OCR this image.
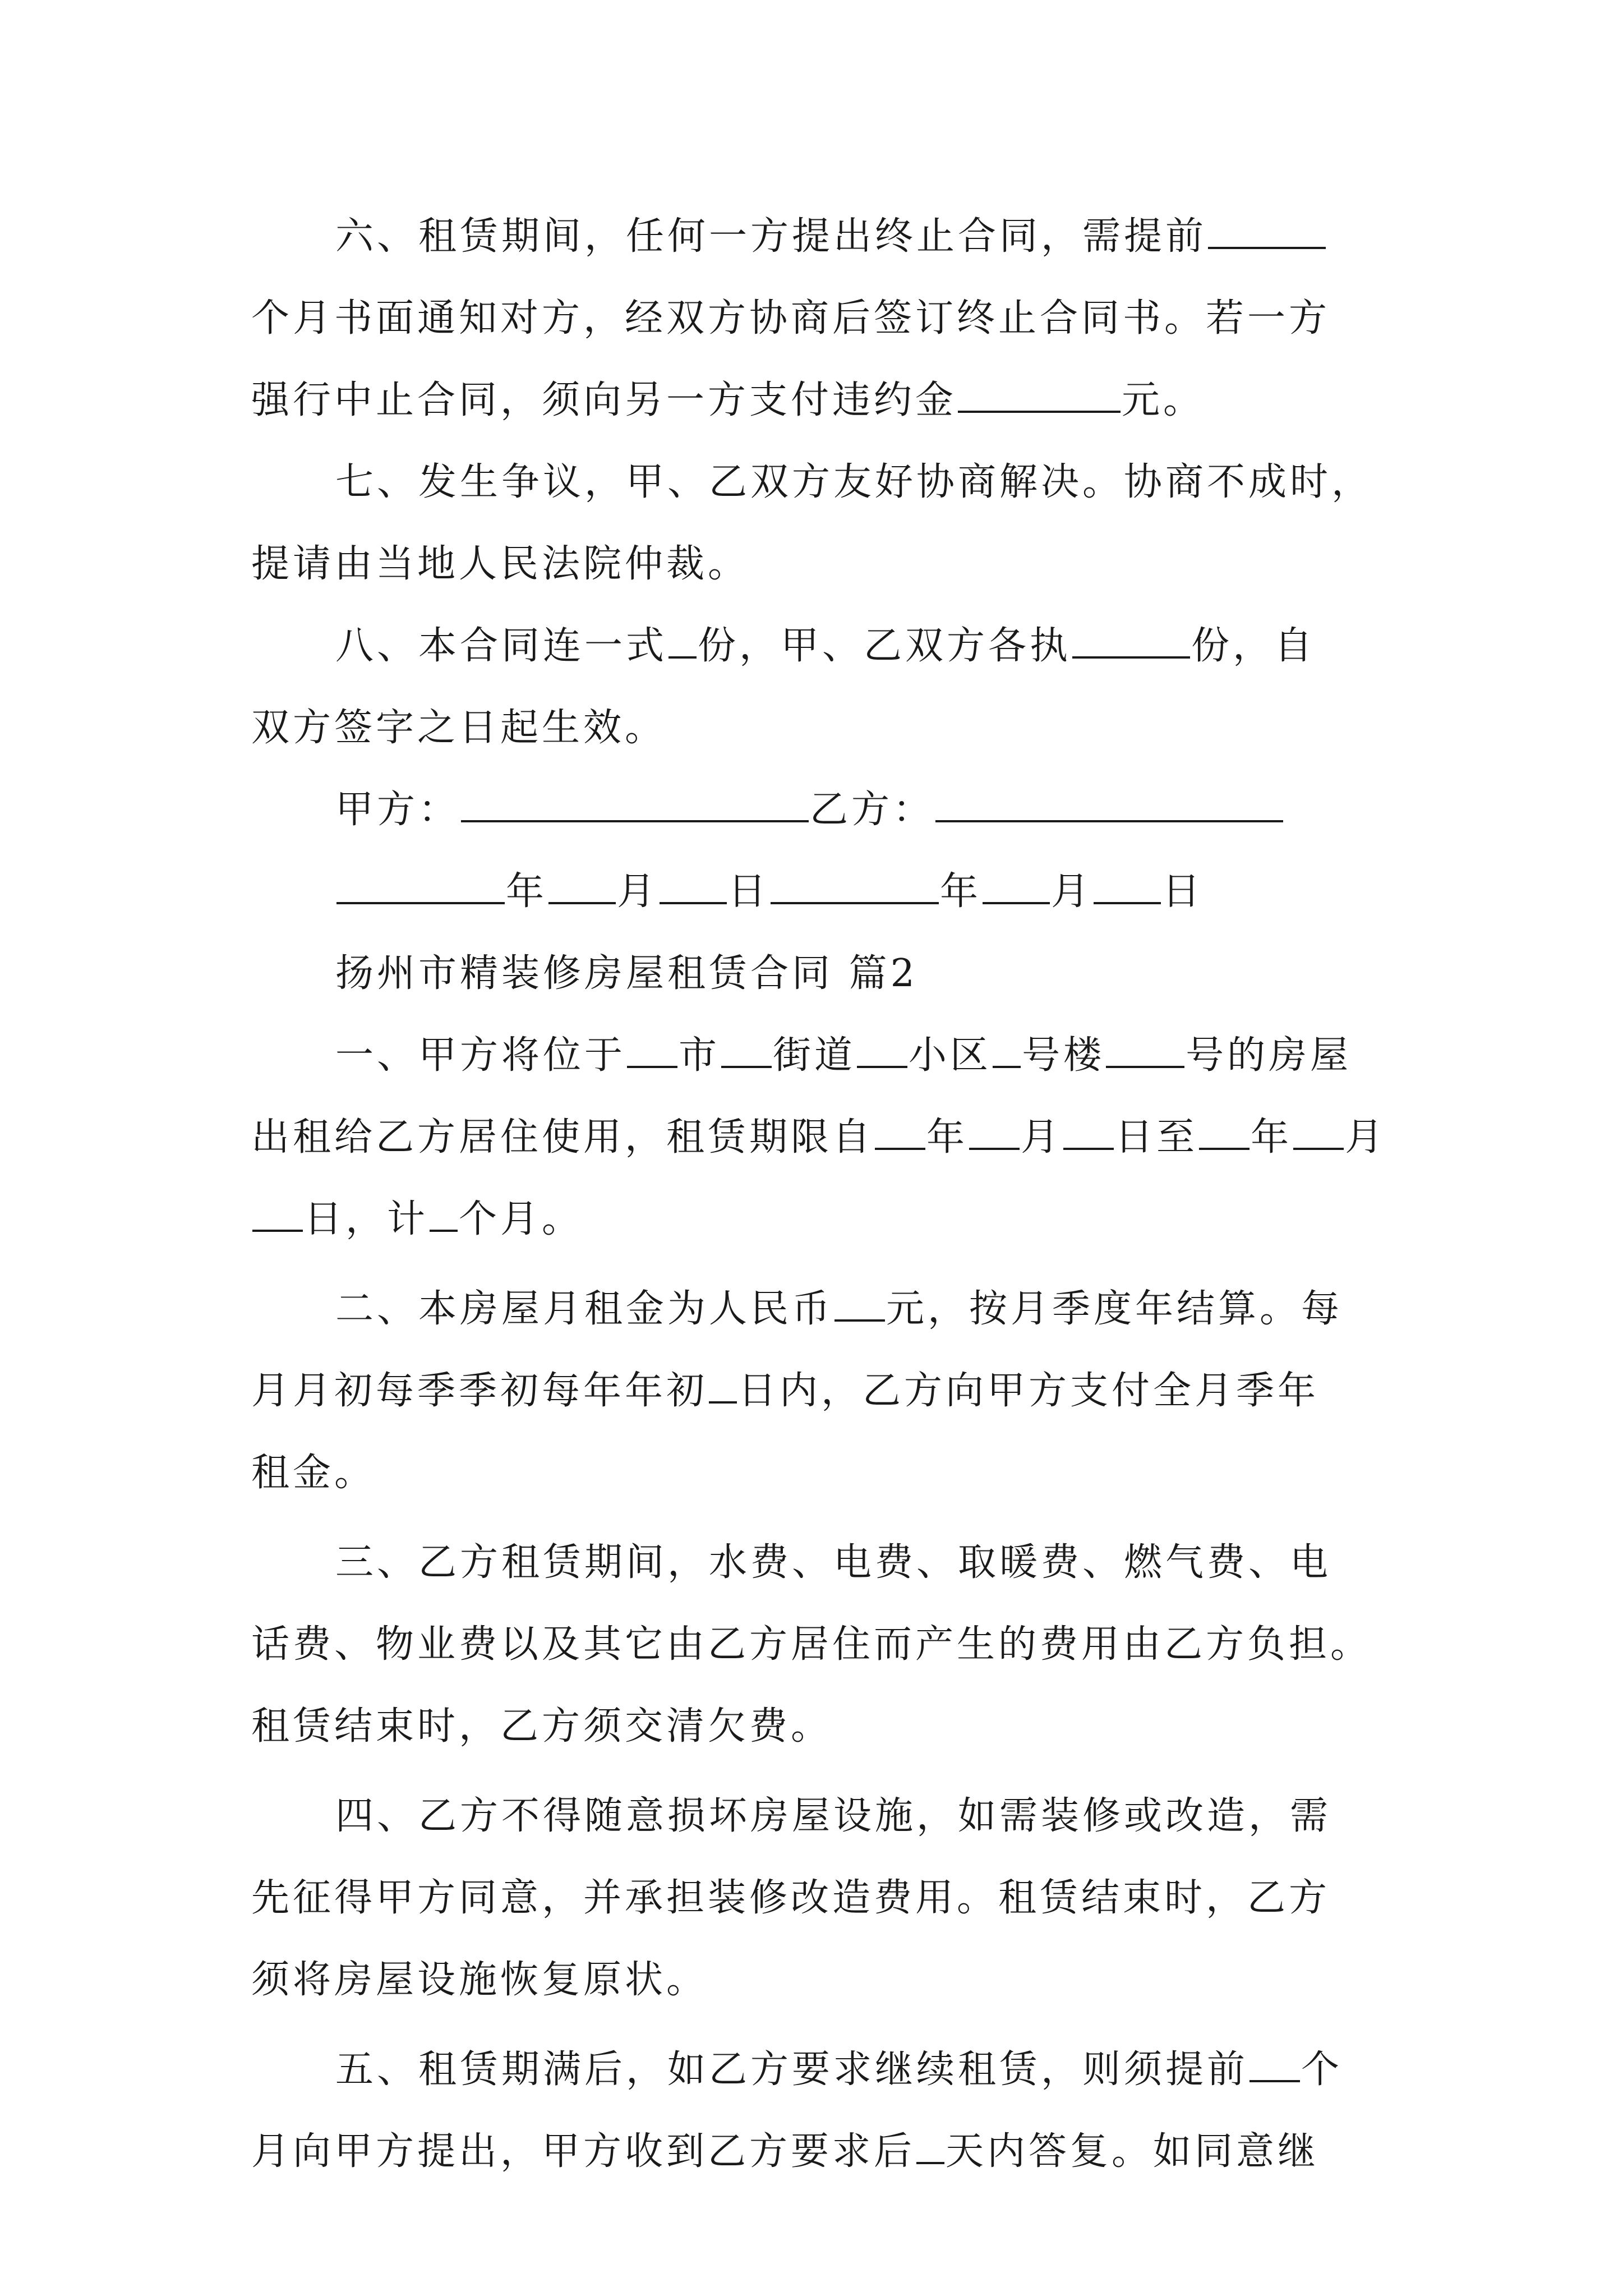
六、租赁期间，任何一方提出终止合同，需提前
个月书面通知对方，经双方协商后签订终止合同书。若一方
强行中止合同，须向另一方支付违约金	元。
七、发生争议，甲、乙双方友好协商解决。协商不成时，
提请由当地人民法院仲裁。
八、本合同连一式 份，甲、乙双方各执	份，自
双方签字之日起生效。
甲方：	乙方：
年 月 日	年 月 日
扬州市精装修房屋租赁合同 篇2
一、甲方将位于 市 街道 小区 号楼 号的房屋
出租给乙方居住使用，租赁期限自 年 月 日至 年 月
日，计 个月。
二、本房屋月租金为人民币 元，按月季度年结算。每
月月初每季季初每年年初 日内，乙方向甲方支付全月季年
租金。
三、乙方租赁期间，水费、电费、取暖费、燃气费、电
话费、物业费以及其它由乙方居住而产生的费用由乙方负担。
租赁结束时，乙方须交清欠费。
四、乙方不得随意损坏房屋设施，如需装修或改造，需
先征得甲方同意，并承担装修改造费用。租赁结束时，乙方
须将房屋设施恢复原状。
五、租赁期满后，如乙方要求继续租赁，则须提前 个
月向甲方提出，甲方收到乙方要求后 天内答复。如同意继
